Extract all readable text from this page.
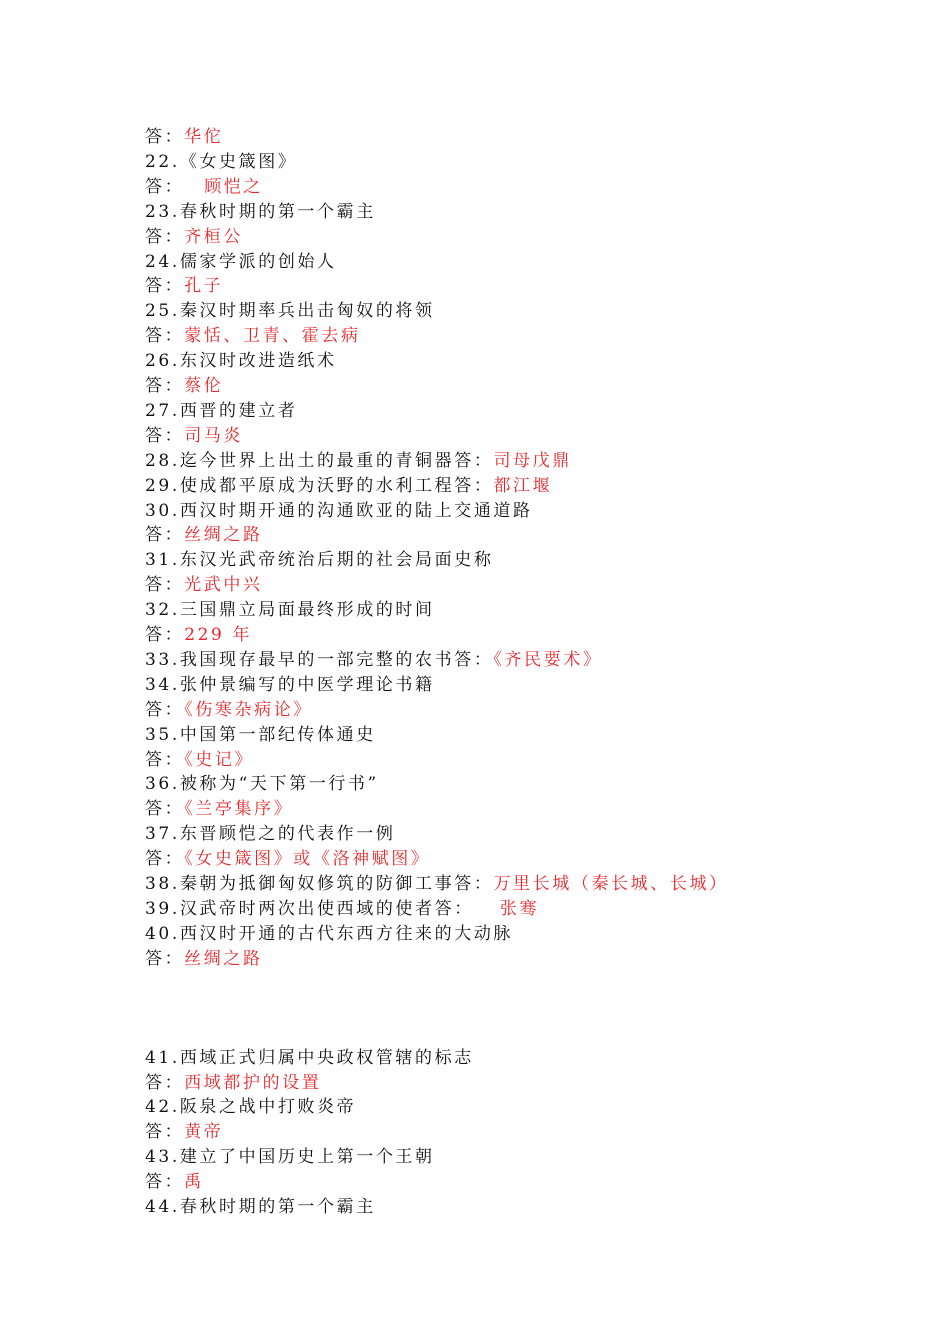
答：华佗
22.《女史箴图》
答： 顾恺之
23.春秋时期的第一个霸主
答：齐桓公
24.儒家学派的创始人
答：孔子
25.秦汉时期率兵出击匈奴的将领
答：蒙恬、卫青、霍去病
26.东汉时改进造纸术
答：蔡伦
27.西晋的建立者
答：司马炎
28.迄今世界上出土的最重的青铜器答：司母戊鼎
29.使成都平原成为沃野的水利工程答：都江堰
30.西汉时期开通的沟通欧亚的陆上交通道路
答：丝绸之路
31.东汉光武帝统治后期的社会局面史称
答：光武中兴
32.三国鼎立局面最终形成的时间
答：229 年
33.我国现存最早的一部完整的农书答：《齐民要术》
34.张仲景编写的中医学理论书籍
答：《伤寒杂病论》
35.中国第一部纪传体通史
答：《史记》
36.被称为“天下第一行书”
答：《兰亭集序》
37.东晋顾恺之的代表作一例
答：《女史箴图》或《洛神赋图》
38.秦朝为抵御匈奴修筑的防御工事答：万里长城（秦长城、长城）
39.汉武帝时两次出使西域的使者答： 张骞
40.西汉时开通的古代东西方往来的大动脉
答：丝绸之路
41.西域正式归属中央政权管辖的标志
答：西域都护的设置
42.阪泉之战中打败炎帝
答：黄帝
43.建立了中国历史上第一个王朝
答：禹
44.春秋时期的第一个霸主
